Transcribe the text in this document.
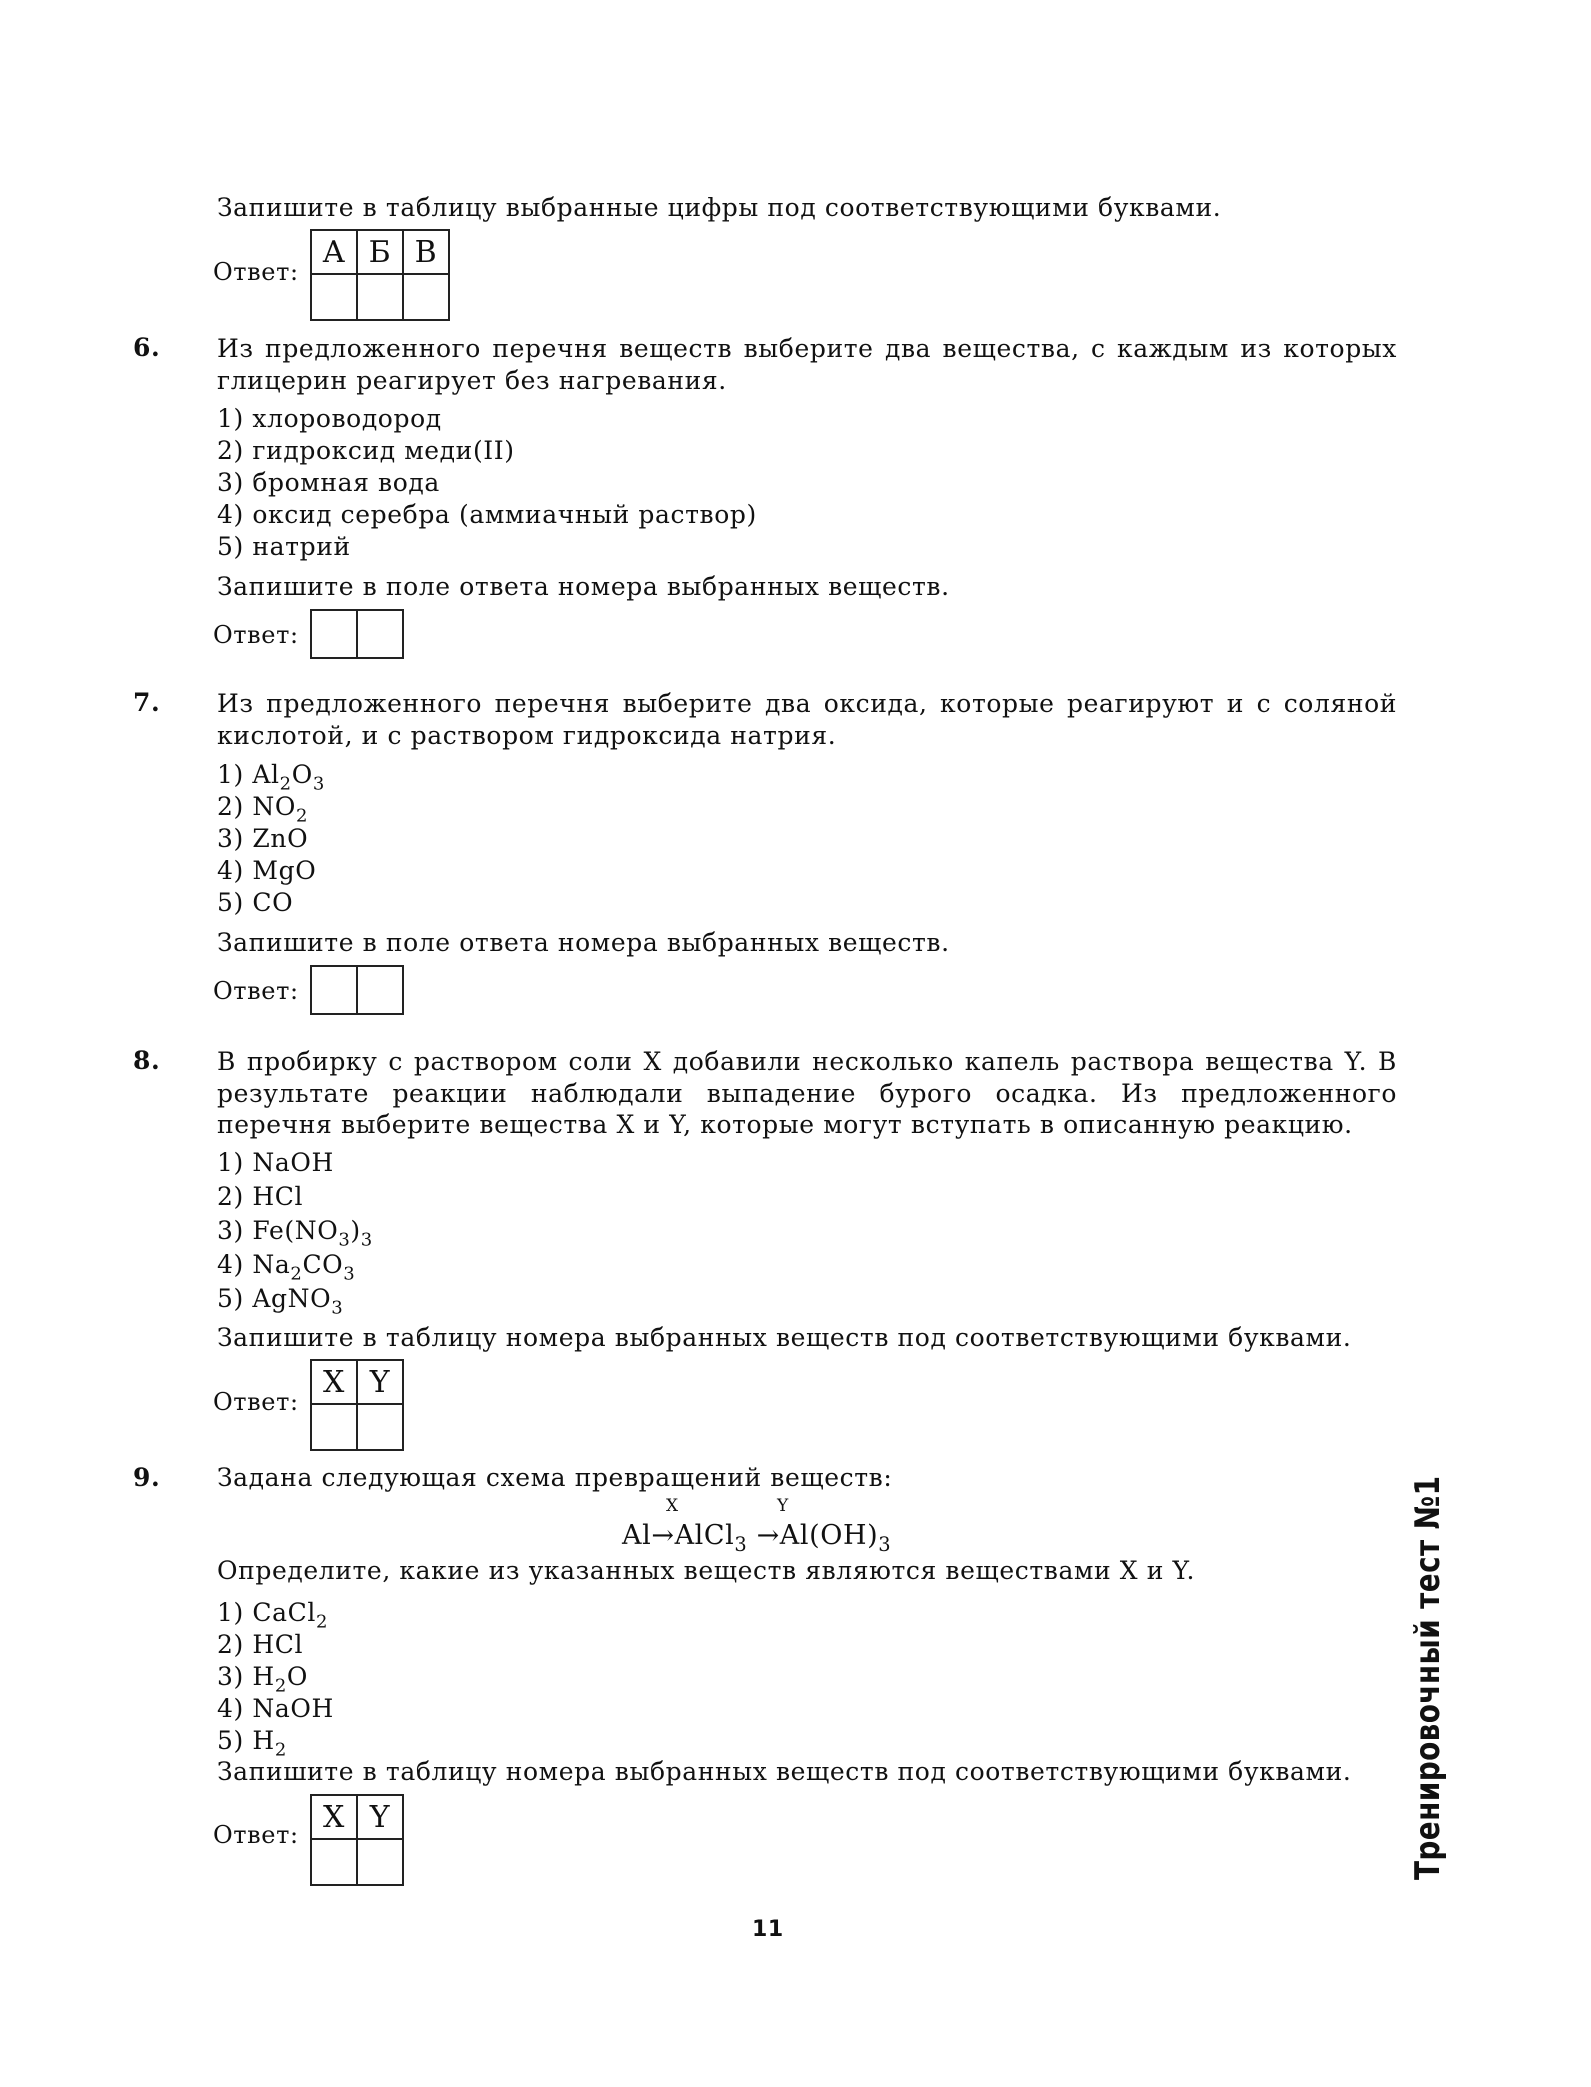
Запишите в таблицу выбранные цифры под соответствующими буквами.
Ответ:
А	Б	В

6. Из предложенного перечня веществ выберите два вещества, с каждым из которых глицерин реагирует без нагревания.
1) хлороводород
2) гидроксид меди(II)
3) бромная вода
4) оксид серебра (аммиачный раствор)
5) натрий
Запишите в поле ответа номера выбранных веществ.
Ответ:

7. Из предложенного перечня выберите два оксида, которые реагируют и с соляной кислотой, и с раствором гидроксида натрия.
1) $Al_2O_3$
2) $NO_2$
3) ZnO
4) MgO
5) CO
Запишите в поле ответа номера выбранных веществ.
Ответ:

8. В пробирку с раствором соли X добавили несколько капель раствора вещества Y. В результате реакции наблюдали выпадение бурого осадка. Из предложенного перечня выберите вещества X и Y, которые могут вступать в описанную реакцию.
1) NaOH
2) HCl
3) $Fe(NO_3)_3$
4) $Na_2CO_3$
5) AgNO$_3$
Запишите в таблицу номера выбранных веществ под соответствующими буквами.
Ответ:
X	Y

9. Задана следующая схема превращений веществ:
X	Y
Al→AlCl$_3$ $\to Al(OH)_3$
Определите, какие из указанных веществ являются веществами X и Y.
1) CaCl$_2$
2) HCl
3) $H_2O$
4) NaOH
5) $H_2$
Запишите в таблицу номера выбранных веществ под соответствующими буквами.
Ответ:
X	Y
		Тренировочный тест №1
11
